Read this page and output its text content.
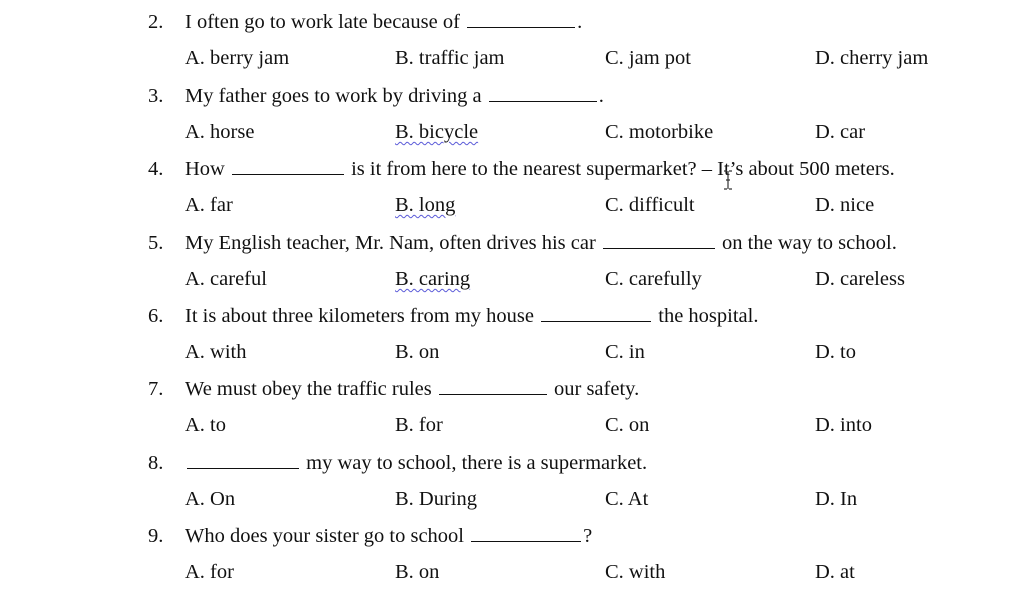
2. I often go to work late because of	.
A. berry jam	B. traffic jam	C. jam pot	D. cherry jam
3. My father goes to work by driving a	.
A. horse	B. bicycle	C. motorbike	D. car
4. How	is it from here to the nearest supermarket? – It’s about 500 meters.
A. far	B. long	C. difficult	D. nice
5. My English teacher, Mr. Nam, often drives his car	on the way to school.
A. careful	B. caring	C. carefully	D. careless
6. It is about three kilometers from my house	the hospital.
A. with	B. on	C. in	D. to
7. We must obey the traffic rules	our safety.
A. to	B. for	C. on	D. into
8.	my way to school, there is a supermarket.
A. On	B. During	C. At	D. In
9. Who does your sister go to school	?
A. for	B. on	C. with	D. at
